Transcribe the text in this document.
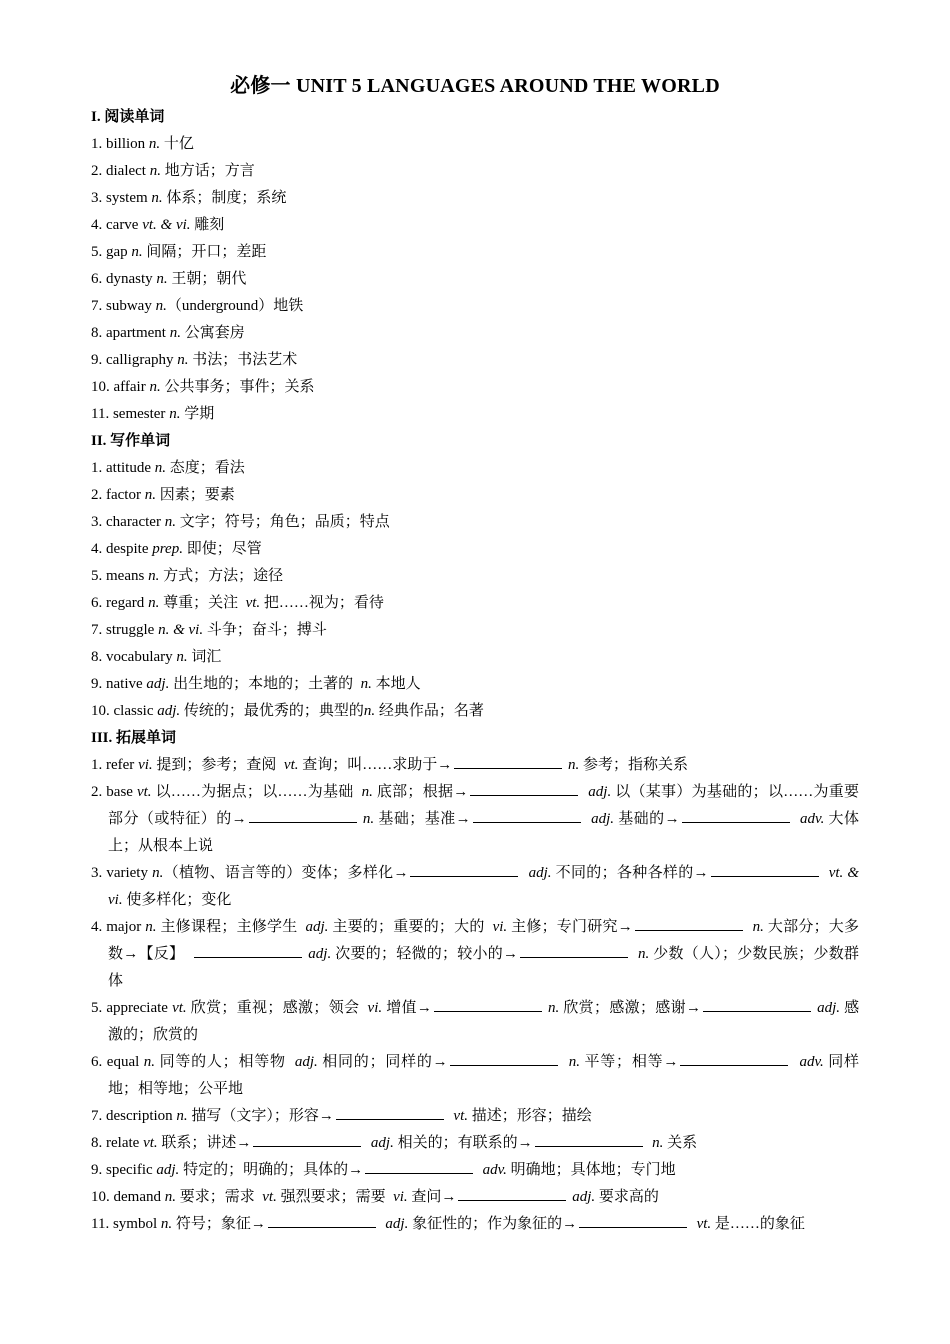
必修一 UNIT 5 LANGUAGES AROUND THE WORLD
I. 阅读单词
1. billion n. 十亿
2. dialect n. 地方话；方言
3. system n. 体系；制度；系统
4. carve vt. & vi. 雕刻
5. gap n. 间隔；开口；差距
6. dynasty n. 王朝；朝代
7. subway n.（underground）地铁
8. apartment n. 公寓套房
9. calligraphy n. 书法；书法艺术
10. affair n. 公共事务；事件；关系
11. semester n. 学期
II. 写作单词
1. attitude n. 态度；看法
2. factor n. 因素；要素
3. character n. 文字；符号；角色；品质；特点
4. despite prep. 即使；尽管
5. means n. 方式；方法；途径
6. regard n. 尊重；关注 vt. 把……视为；看待
7. struggle n. & vi. 斗争；奋斗；搏斗
8. vocabulary n. 词汇
9. native adj. 出生地的；本地的；土著的 n. 本地人
10. classic adj. 传统的；最优秀的；典型的n. 经典作品；名著
III. 拓展单词
1. refer vi. 提到；参考；查阅 vt. 查询；叫……求助于→	n. 参考；指称关系
2. base vt. 以……为据点；以……为基础 n. 底部；根据→	adj. 以（某事）为基础的；以……为重要部分（或特征）的→	n. 基础；基准→	adj. 基础的→	adv. 大体上；从根本上说
3. variety n.（植物、语言等的）变体；多样化→	adj. 不同的；各种各样的→	vt. & vi. 使多样化；变化
4. major n. 主修课程；主修学生 adj. 主要的；重要的；大的 vi. 主修；专门研究→	n. 大部分；大多数→【反】	adj. 次要的；轻微的；较小的→	n. 少数（人）；少数民族；少数群体
5. appreciate vt. 欣赏；重视；感激；领会 vi. 增值→	n. 欣赏；感激；感谢→	adj. 感激的；欣赏的
6. equal n. 同等的人；相等物 adj. 相同的；同样的→	n. 平等；相等→	adv. 同样地；相等地；公平地
7. description n. 描写（文字）；形容→	vt. 描述；形容；描绘
8. relate vt. 联系；讲述→	adj. 相关的；有联系的→	n. 关系
9. specific adj. 特定的；明确的；具体的→	adv. 明确地；具体地；专门地
10. demand n. 要求；需求 vt. 强烈要求；需要 vi. 查问→	adj. 要求高的
11. symbol n. 符号；象征→	adj. 象征性的；作为象征的→	vt. 是……的象征
